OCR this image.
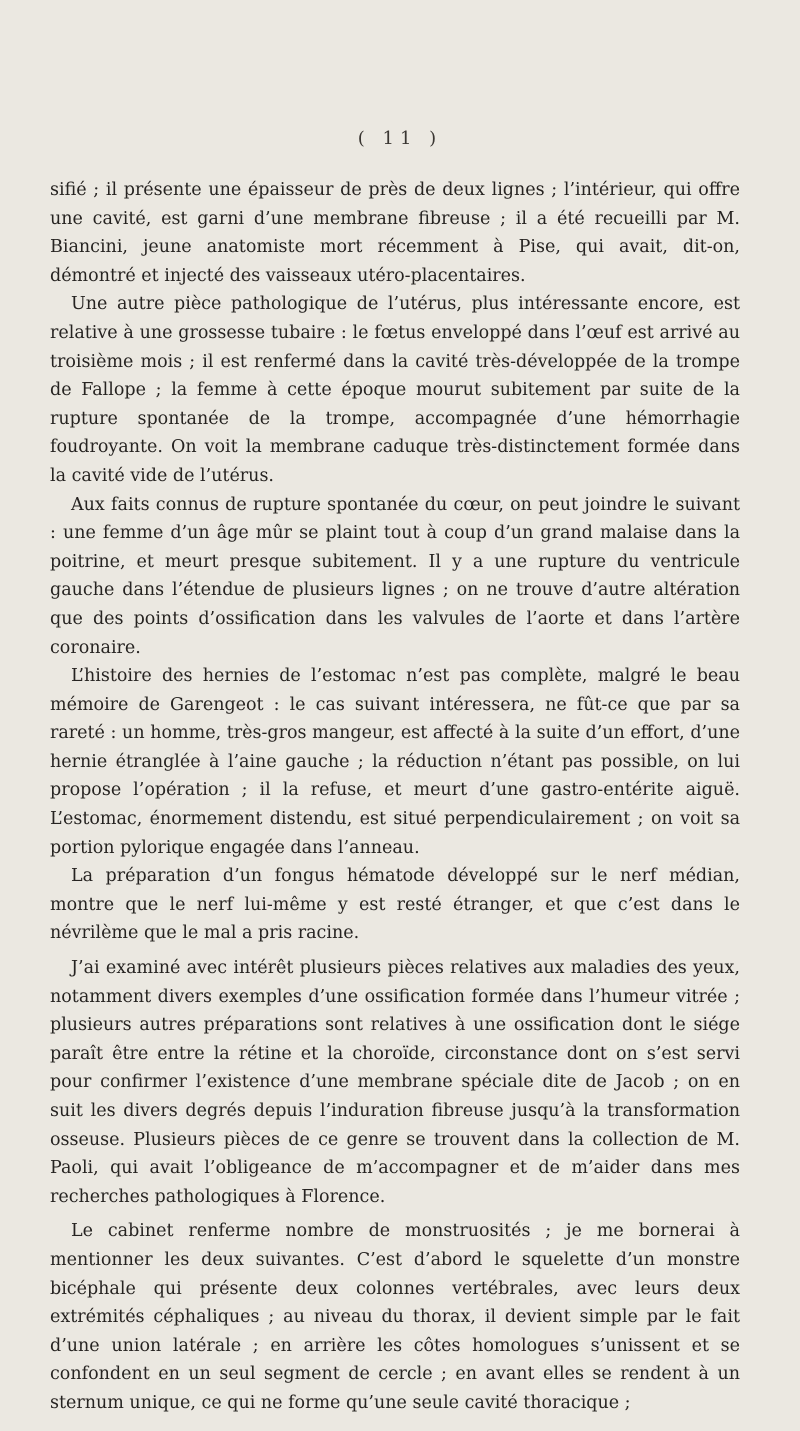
( 11 )

sifié ; il présente une épaisseur de près de deux lignes ; l’intérieur, qui offre une cavité, est garni d’une membrane fibreuse ; il a été recueilli par M. Biancini, jeune anatomiste mort récemment à Pise, qui avait, dit-on, démontré et injecté des vaisseaux utéro-placentaires.

Une autre pièce pathologique de l’utérus, plus intéressante encore, est relative à une grossesse tubaire : le fœtus enveloppé dans l’œuf est arrivé au troisième mois ; il est renfermé dans la cavité très-développée de la trompe de Fallope ; la femme à cette époque mourut subitement par suite de la rupture spontanée de la trompe, accompagnée d’une hémorrhagie foudroyante. On voit la membrane caduque très-distinctement formée dans la cavité vide de l’utérus.

Aux faits connus de rupture spontanée du cœur, on peut joindre le suivant : une femme d’un âge mûr se plaint tout à coup d’un grand malaise dans la poitrine, et meurt presque subitement. Il y a une rupture du ventricule gauche dans l’étendue de plusieurs lignes ; on ne trouve d’autre altération que des points d’ossification dans les valvules de l’aorte et dans l’artère coronaire.

L’histoire des hernies de l’estomac n’est pas complète, malgré le beau mémoire de Garengeot : le cas suivant intéressera, ne fût-ce que par sa rareté : un homme, très-gros mangeur, est affecté à la suite d’un effort, d’une hernie étranglée à l’aine gauche ; la réduction n’étant pas possible, on lui propose l’opération ; il la refuse, et meurt d’une gastro-entérite aiguë. L’estomac, énormement distendu, est situé perpendiculairement ; on voit sa portion pylorique engagée dans l’anneau.

La préparation d’un fongus hématode développé sur le nerf médian, montre que le nerf lui-même y est resté étranger, et que c’est dans le névrilème que le mal a pris racine.

J’ai examiné avec intérêt plusieurs pièces relatives aux maladies des yeux, notamment divers exemples d’une ossification formée dans l’humeur vitrée ; plusieurs autres préparations sont relatives à une ossification dont le siége paraît être entre la rétine et la choroïde, circonstance dont on s’est servi pour confirmer l’existence d’une membrane spéciale dite de Jacob ; on en suit les divers degrés depuis l’induration fibreuse jusqu’à la transformation osseuse. Plusieurs pièces de ce genre se trouvent dans la collection de M. Paoli, qui avait l’obligeance de m’accompagner et de m’aider dans mes recherches pathologiques à Florence.

Le cabinet renferme nombre de monstruosités ; je me bornerai à mentionner les deux suivantes. C’est d’abord le squelette d’un monstre bicéphale qui présente deux colonnes vertébrales, avec leurs deux extrémités céphaliques ; au niveau du thorax, il devient simple par le fait d’une union latérale ; en arrière les côtes homologues s’unissent et se confondent en un seul segment de cercle ; en avant elles se rendent à un sternum unique, ce qui ne forme qu’une seule cavité thoracique ;
